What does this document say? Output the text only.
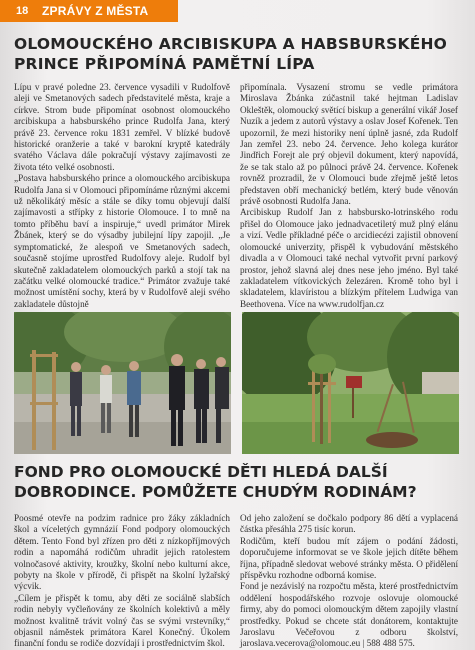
18	ZPRÁVY Z MĚSTA
OLOMOUCKÉHO ARCIBISKUPA A HABSBURSKÉHO PRINCE PŘIPOMÍNÁ PAMĚTNÍ LÍPA

Lípu v pravé poledne 23. července vysadili v Rudolfově aleji ve Smetanových sadech představitelé města, kraje a církve. Strom bude připomínat osobnost olomouckého arcibiskupa a habsburského prince Rudolfa Jana, který právě 23. července roku 1831 zemřel. V blízké budově historické oranžerie a také v barokní kryptě katedrály svatého Václava dále pokračují výstavy zajímavosti ze života této velké osobnosti.

„Postava habsburského prince a olomouckého arcibiskupa Rudolfa Jana si v Olomouci připomínáme různými akcemi už několikátý měsíc a stále se díky tomu objevují další zajímavosti a střípky z historie Olomouce. I to mně na tomto příběhu baví a inspiruje,“ uvedl primátor Mirek Žbánek, který se do výsadby jubilejní lípy zapojil. „Je symptomatické, že alespoň ve Smetanových sadech, současně stojíme uprostřed Rudolfovy aleje. Rudolf byl skutečně zakladatelem olomouckých parků a stojí tak na začátku velké olomoucké tradice.“ Primátor zvažuje také možnost umístění sochy, která by v Rudolfově aleji svého zakladatele důstojně

připomínala. Vysazení stromu se vedle primátora Miroslava Žbánka zúčastnil také hejtman Ladislav Okleštěk, olomoucký světící biskup a generální vikář Josef Nuzík a jedem z autorů výstavy a oslav Josef Kořenek. Ten upozornil, že mezi historiky není úplně jasné, zda Rudolf Jan zemřel 23. nebo 24. července. Jeho kolega kurátor Jindřich Forejt ale prý objevil dokument, který napovídá, že se tak stalo až po půlnoci právě 24. července. Kořenek rovněž prozradil, že v Olomouci bude zřejmě ještě letos představen obří mechanický betlém, který bude věnován právě osobnosti Rudolfa Jana.

Arcibiskup Rudolf Jan z habsbursko-lotrinského rodu přišel do Olomouce jako jednadvacetiletý muž plný elánu a vizí. Vedle příkladné péče o arcidiecézi zajistil obnovení olomoucké univerzity, přispěl k vybudování městského divadla a v Olomouci také nechal vytvořit první parkový prostor, jehož slavná alej dnes nese jeho jméno. Byl také zakladatelem vítkovických železáren. Kromě toho byl i skladatelem, klavíristou a blízkým přítelem Ludwiga van Beethovena. Více na www.rudolfjan.cz

FOND PRO OLOMOUCKÉ DĚTI HLEDÁ DALŠÍ DOBRODINCE. POMŮŽETE CHUDÝM RODINÁM?

Poosmé otevře na podzim radnice pro žáky základních škol a víceletých gymnázií Fond podpory olomouckých dětem. Tento Fond byl zřízen pro děti z nízkopříjmových rodin a napomáhá rodičům uhradit jejich ratolestem volnočasové aktivity, kroužky, školní nebo kulturní akce, pobyty na škole v přírodě, či přispět na školní lyžařský výcvik.

„Cílem je přispět k tomu, aby děti ze sociálně slabších rodin nebyly vyčleňovány ze školních kolektivů a měly možnost kvalitně trávit volný čas se svými vrstevníky,“ objasnil náměstek primátora Karel Konečný. Úkolem finanční fondu se rodiče dozvídají i prostřednictvím škol.

Od jeho založení se dočkalo podpory 86 dětí a vyplacená částka přesáhla 275 tisíc korun.

Rodičům, kteří budou mít zájem o podání žádosti, doporučujeme informovat se ve škole jejich dítěte během října, případně sledovat webové stránky města. O přidělení příspěvku rozhodne odborná komise.

Fond je nezávislý na rozpočtu města, které prostřednictvím oddělení hospodářského rozvoje oslovuje olomoucké firmy, aby do pomoci olomouckým dětem zapojily vlastní prostředky. Pokud se chcete stát donátorem, kontaktujte Jaroslavu Večeřovou z odboru školství, jaroslava.vecerova@olomouc.eu | 588 488 575.
